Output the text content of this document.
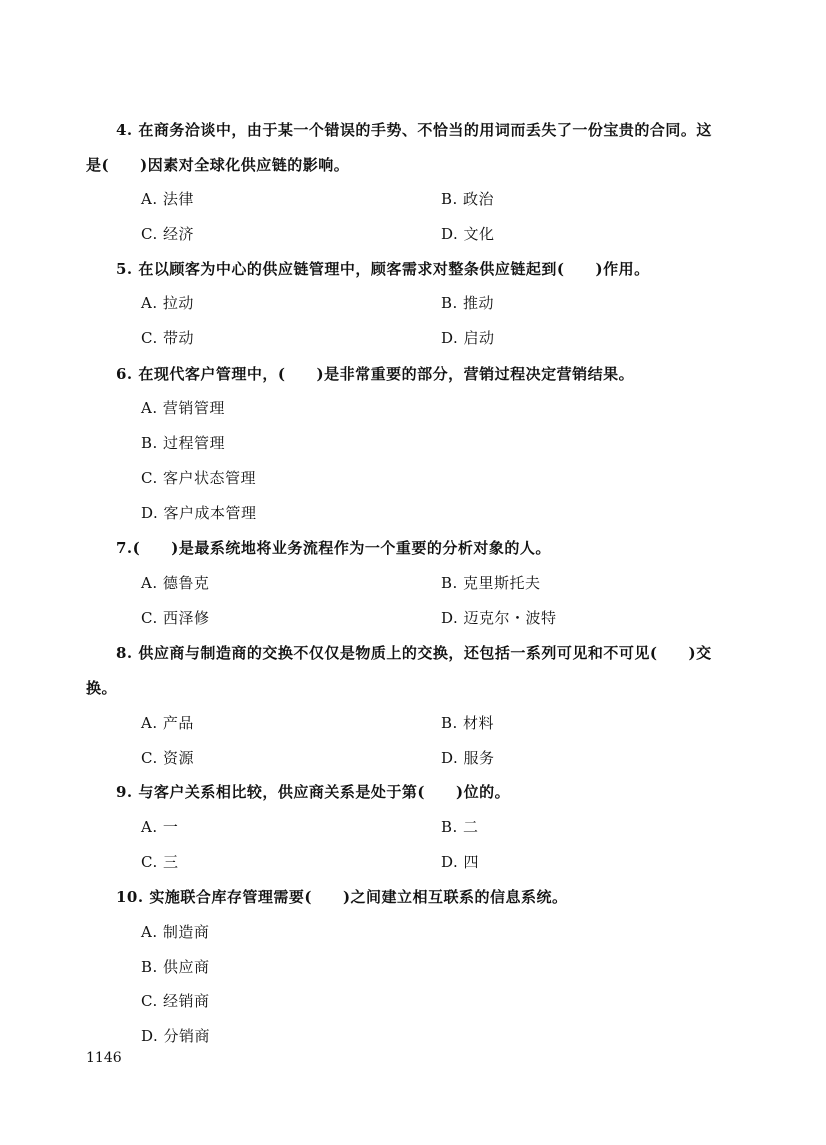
4. 在商务洽谈中，由于某一个错误的手势、不恰当的用词而丢失了一份宝贵的合同。这
是(　　)因素对全球化供应链的影响。
A. 法律	B. 政治
C. 经济	D. 文化
5. 在以顾客为中心的供应链管理中，顾客需求对整条供应链起到(　　)作用。
A. 拉动	B. 推动
C. 带动	D. 启动
6. 在现代客户管理中，(　　)是非常重要的部分，营销过程决定营销结果。
A. 营销管理
B. 过程管理
C. 客户状态管理
D. 客户成本管理
7.(　　)是最系统地将业务流程作为一个重要的分析对象的人。
A. 德鲁克	B. 克里斯托夫
C. 西泽修	D. 迈克尔・波特
8. 供应商与制造商的交换不仅仅是物质上的交换，还包括一系列可见和不可见(　　)交
换。
A. 产品	B. 材料
C. 资源	D. 服务
9. 与客户关系相比较，供应商关系是处于第(　　)位的。
A. 一	B. 二
C. 三	D. 四
10. 实施联合库存管理需要(　　)之间建立相互联系的信息系统。
A. 制造商
B. 供应商
C. 经销商
D. 分销商
1146
